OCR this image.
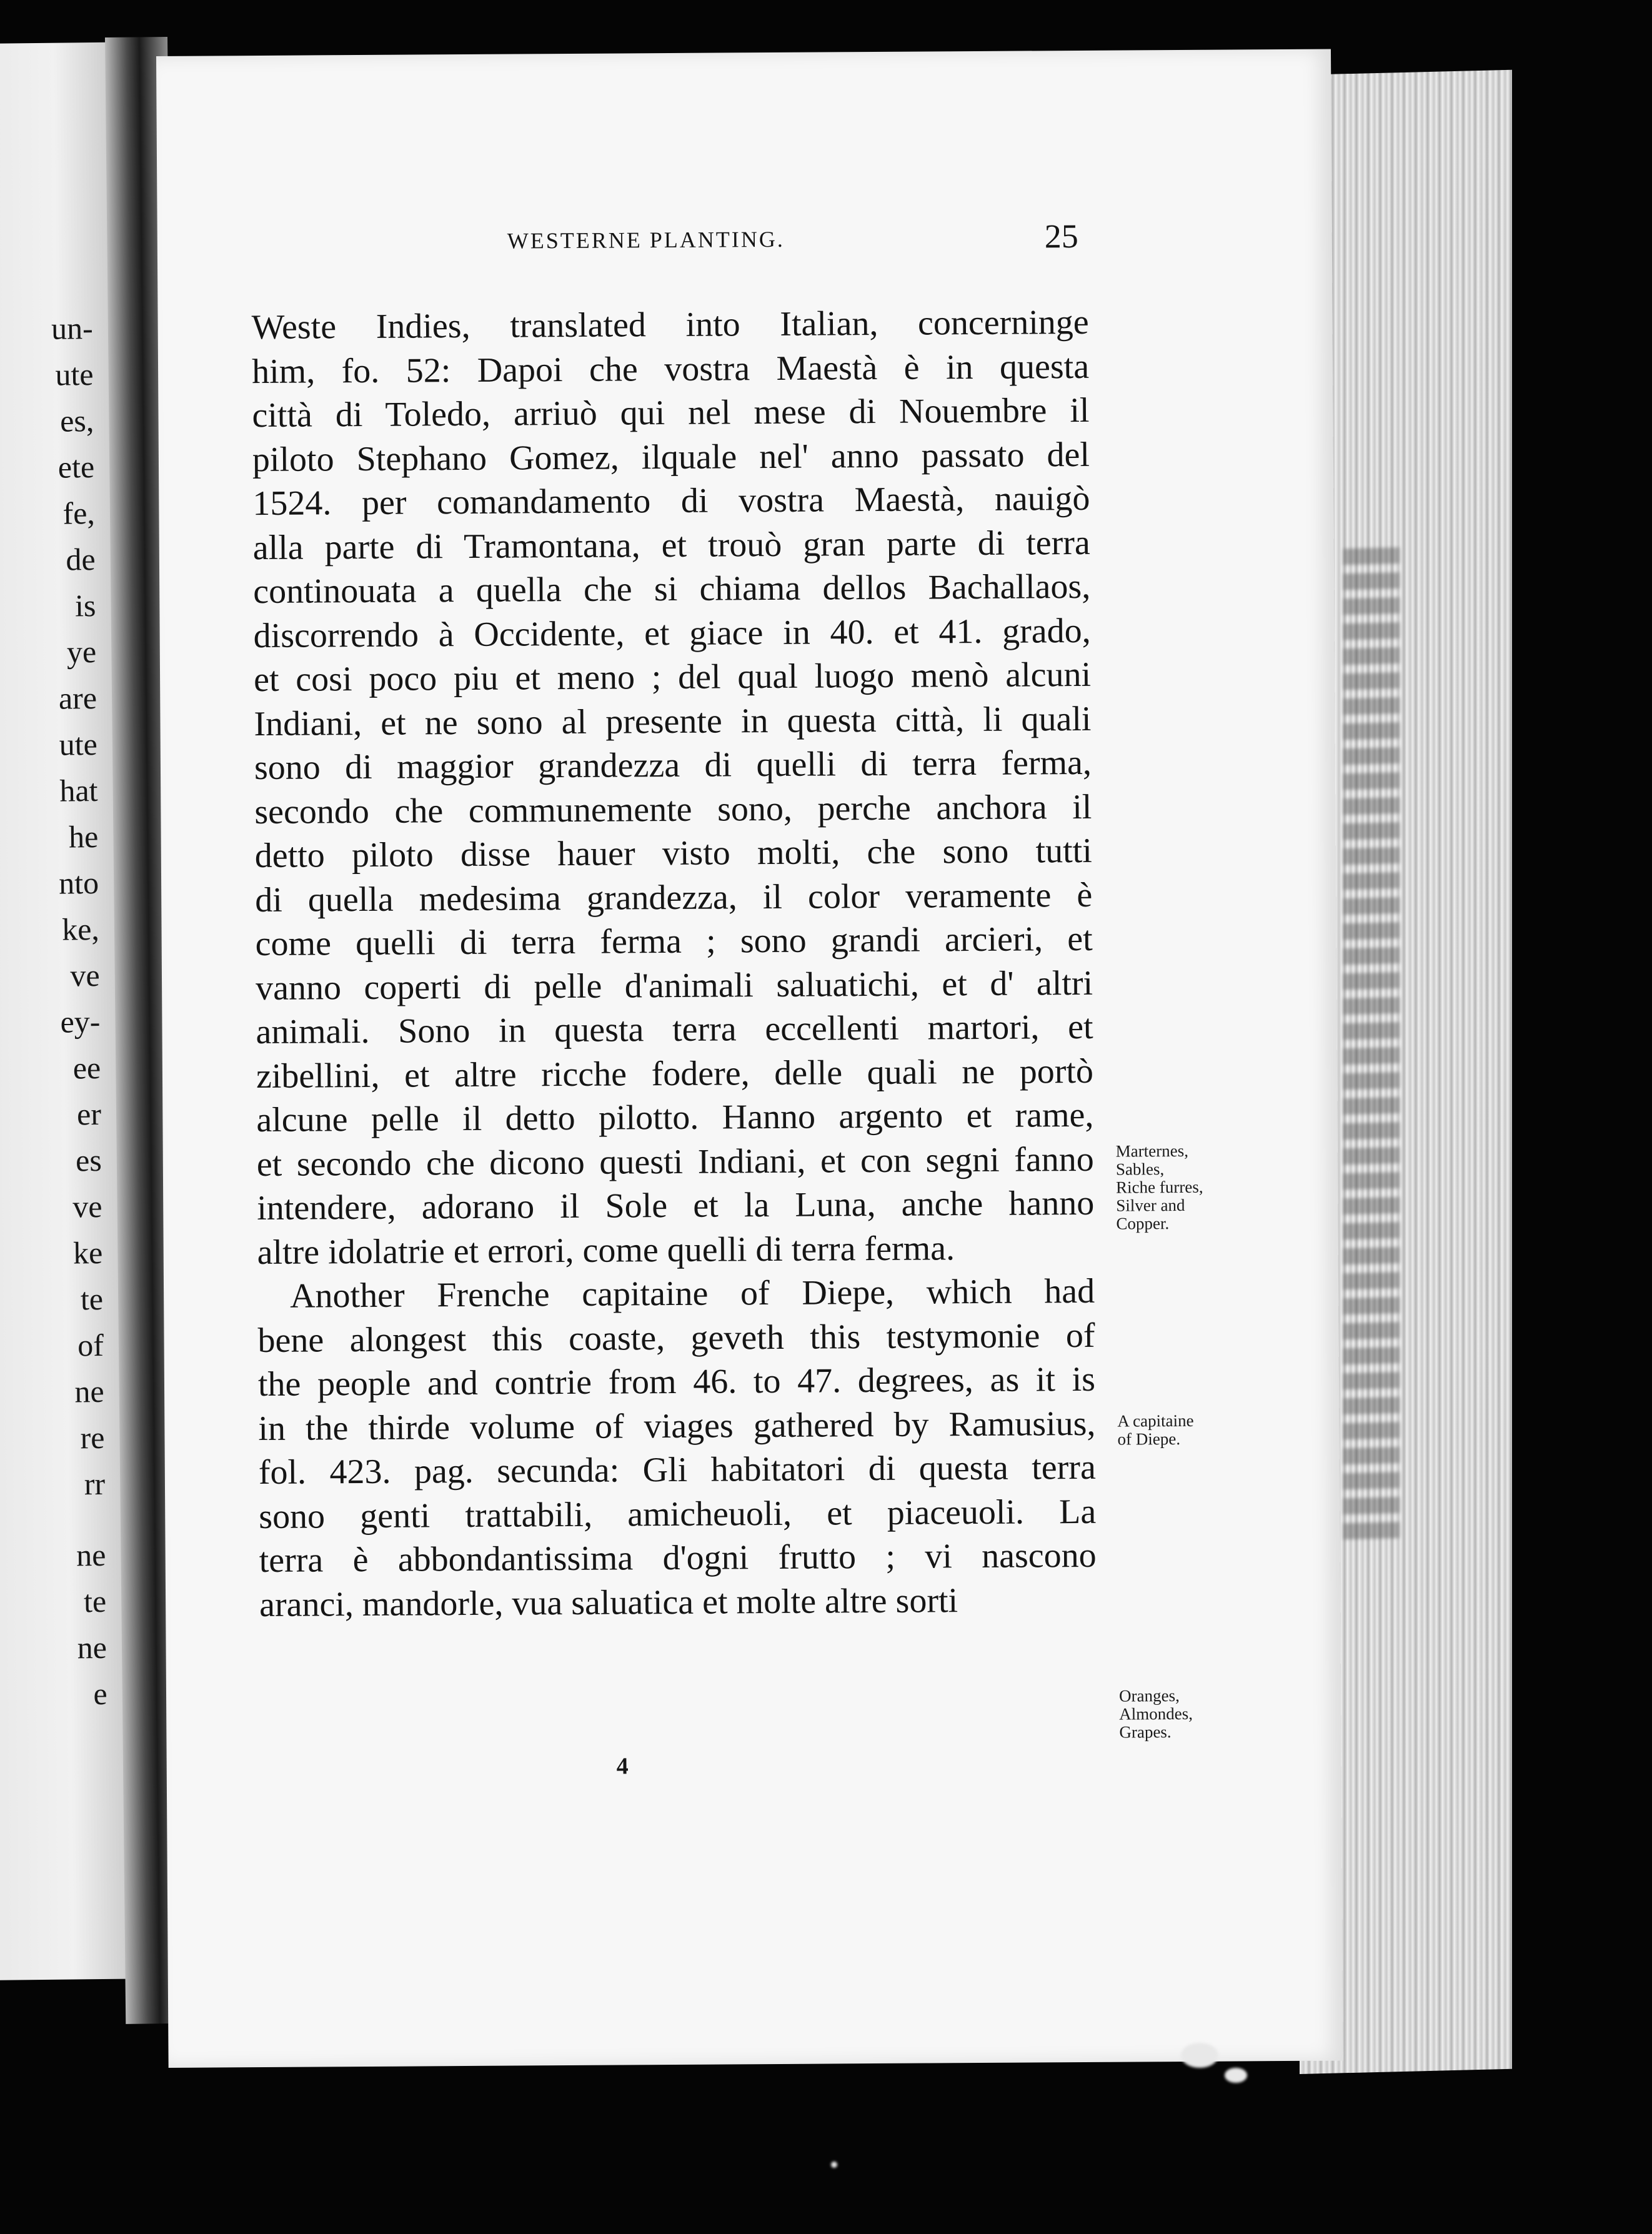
un-
ute
es,
ete
fe,
de
is
ye
are
ute
hat
he
nto
ke,
ve
ey-
ee
er
es
ve
ke
te
of
ne
re
rr
ne
te
ne
e
WESTERNE PLANTING.	25
Weste Indies, translated into Italian, concerninge
him, fo. 52: Dapoi che vostra Maestà è in questa
città di Toledo, arriuò qui nel mese di Nouembre il
piloto Stephano Gomez, ilquale nel' anno passato del
1524. per comandamento di vostra Maestà, nauigò
alla parte di Tramontana, et trouò gran parte di terra
continouata a quella che si chiama dellos Bachallaos,
discorrendo à Occidente, et giace in 40. et 41. grado,
et cosi poco piu et meno ; del qual luogo menò alcuni
Indiani, et ne sono al presente in questa città, li quali
sono di maggior grandezza di quelli di terra ferma,
secondo che communemente sono, perche anchora il
detto piloto disse hauer visto molti, che sono tutti
di quella medesima grandezza, il color veramente è
come quelli di terra ferma ; sono grandi arcieri, et
vanno coperti di pelle d'animali saluatichi, et d' altri
animali. Sono in questa terra eccellenti martori, et
zibellini, et altre ricche fodere, delle quali ne portò
alcune pelle il detto pilotto. Hanno argento et rame,
et secondo che dicono questi Indiani, et con segni fanno
intendere, adorano il Sole et la Luna, anche hanno
altre idolatrie et errori, come quelli di terra ferma.
Another Frenche capitaine of Diepe, which had
bene alongest this coaste, geveth this testymonie of
the people and contrie from 46. to 47. degrees, as it is
in the thirde volume of viages gathered by Ramusius,
fol. 423. pag. secunda: Gli habitatori di questa terra
sono genti trattabili, amicheuoli, et piaceuoli. La
terra è abbondantissima d'ogni frutto ; vi nascono
aranci, mandorle, vua saluatica et molte altre sorti
Marternes,
Sables,
Riche furres,
Silver and
Copper.
A capitaine
of Diepe.
Oranges,
Almondes,
Grapes.
4
